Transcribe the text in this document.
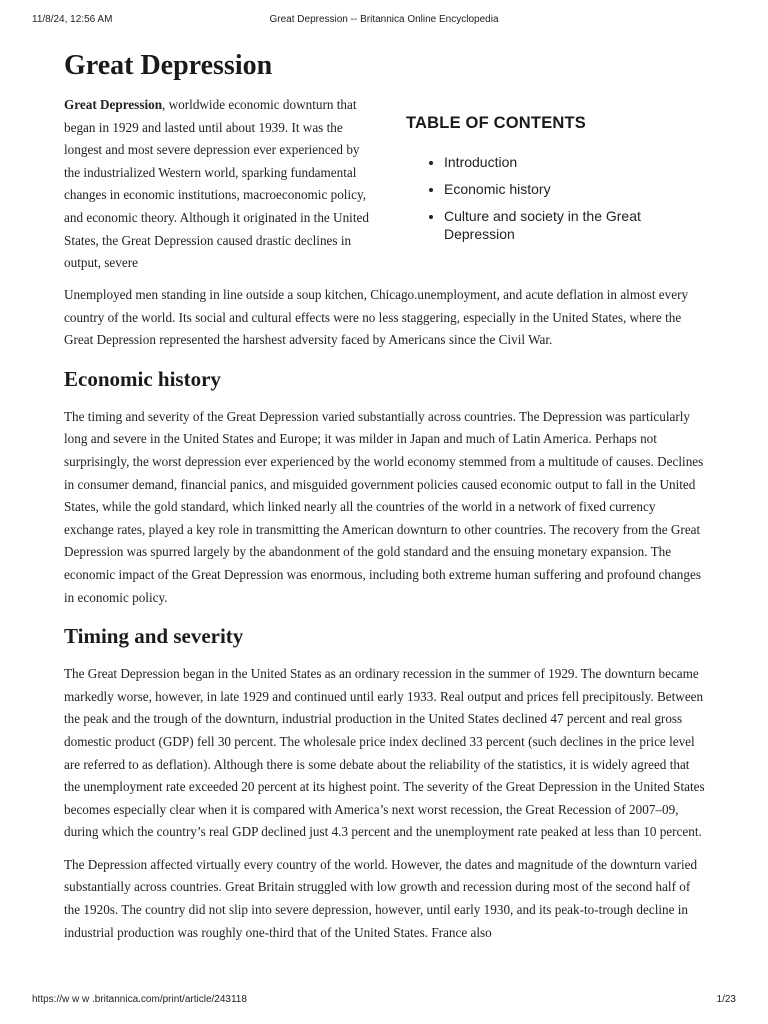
11/8/24, 12:56 AM	Great Depression -- Britannica Online Encyclopedia
Great Depression

Great Depression, worldwide economic downturn that began in 1929 and lasted until about 1939. It was the longest and most severe depression ever experienced by the industrialized Western world, sparking fundamental changes in economic institutions, macroeconomic policy, and economic theory. Although it originated in the United States, the Great Depression caused drastic declines in output, severe

TABLE OF CONTENTS
• Introduction
• Economic history
• Culture and society in the Great Depression

Unemployed men standing in line outside a soup kitchen, Chicago.unemployment, and acute deflation in almost every country of the world. Its social and cultural effects were no less staggering, especially in the United States, where the Great Depression represented the harshest adversity faced by Americans since the Civil War.

Economic history

The timing and severity of the Great Depression varied substantially across countries. The Depression was particularly long and severe in the United States and Europe; it was milder in Japan and much of Latin America. Perhaps not surprisingly, the worst depression ever experienced by the world economy stemmed from a multitude of causes. Declines in consumer demand, financial panics, and misguided government policies caused economic output to fall in the United States, while the gold standard, which linked nearly all the countries of the world in a network of fixed currency exchange rates, played a key role in transmitting the American downturn to other countries. The recovery from the Great Depression was spurred largely by the abandonment of the gold standard and the ensuing monetary expansion. The economic impact of the Great Depression was enormous, including both extreme human suffering and profound changes in economic policy.

Timing and severity

The Great Depression began in the United States as an ordinary recession in the summer of 1929. The downturn became markedly worse, however, in late 1929 and continued until early 1933. Real output and prices fell precipitously. Between the peak and the trough of the downturn, industrial production in the United States declined 47 percent and real gross domestic product (GDP) fell 30 percent. The wholesale price index declined 33 percent (such declines in the price level are referred to as deflation). Although there is some debate about the reliability of the statistics, it is widely agreed that the unemployment rate exceeded 20 percent at its highest point. The severity of the Great Depression in the United States becomes especially clear when it is compared with America’s next worst recession, the Great Recession of 2007–09, during which the country’s real GDP declined just 4.3 percent and the unemployment rate peaked at less than 10 percent.

The Depression affected virtually every country of the world. However, the dates and magnitude of the downturn varied substantially across countries. Great Britain struggled with low growth and recession during most of the second half of the 1920s. The country did not slip into severe depression, however, until early 1930, and its peak-to-trough decline in industrial production was roughly one-third that of the United States. France also

https://w w w .britannica.com/print/article/243118	1/23
